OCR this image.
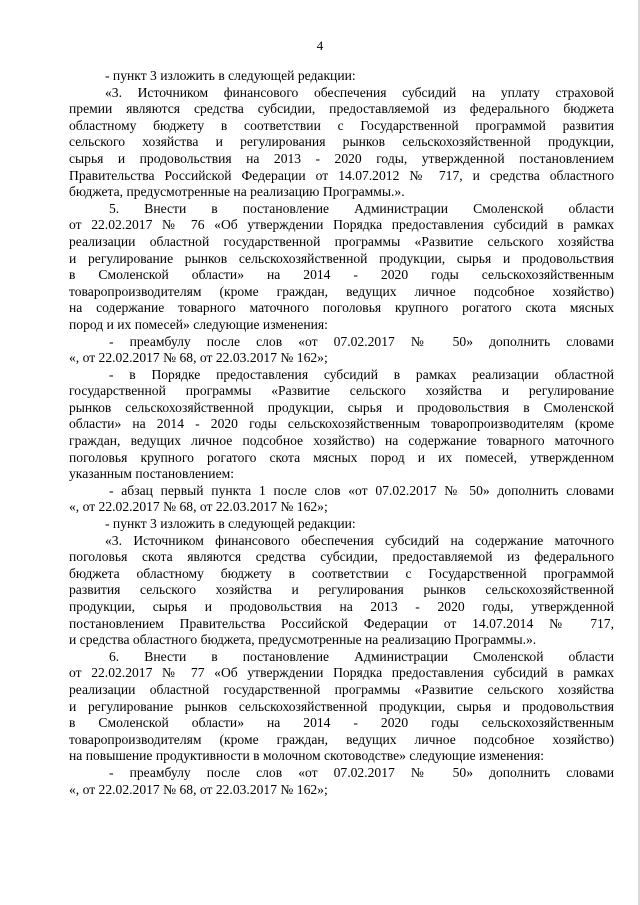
4
- пункт 3 изложить в следующей редакции:
«3. Источником финансового обеспечения субсидий на уплату страховой
премии являются средства субсидии, предоставляемой из федерального бюджета
областному бюджету в соответствии с Государственной программой развития
сельского хозяйства и регулирования рынков сельскохозяйственной продукции,
сырья и продовольствия на 2013 - 2020 годы, утвержденной постановлением
Правительства Российской Федерации от 14.07.2012 № 717, и средства областного
бюджета, предусмотренные на реализацию Программы.».
5. Внести в постановление Администрации Смоленской области
от 22.02.2017 № 76 «Об утверждении Порядка предоставления субсидий в рамках
реализации областной государственной программы «Развитие сельского хозяйства
и регулирование рынков сельскохозяйственной продукции, сырья и продовольствия
в Смоленской области» на 2014 - 2020 годы сельскохозяйственным
товаропроизводителям (кроме граждан, ведущих личное подсобное хозяйство)
на содержание товарного маточного поголовья крупного рогатого скота мясных
пород и их помесей» следующие изменения:
- преамбулу после слов «от 07.02.2017 № 50» дополнить словами
«, от 22.02.2017 № 68, от 22.03.2017 № 162»;
- в Порядке предоставления субсидий в рамках реализации областной
государственной программы «Развитие сельского хозяйства и регулирование
рынков сельскохозяйственной продукции, сырья и продовольствия в Смоленской
области» на 2014 - 2020 годы сельскохозяйственным товаропроизводителям (кроме
граждан, ведущих личное подсобное хозяйство) на содержание товарного маточного
поголовья крупного рогатого скота мясных пород и их помесей, утвержденном
указанным постановлением:
- абзац первый пункта 1 после слов «от 07.02.2017 № 50» дополнить словами
«, от 22.02.2017 № 68, от 22.03.2017 № 162»;
- пункт 3 изложить в следующей редакции:
«3. Источником финансового обеспечения субсидий на содержание маточного
поголовья скота являются средства субсидии, предоставляемой из федерального
бюджета областному бюджету в соответствии с Государственной программой
развития сельского хозяйства и регулирования рынков сельскохозяйственной
продукции, сырья и продовольствия на 2013 - 2020 годы, утвержденной
постановлением Правительства Российской Федерации от 14.07.2014 № 717,
и средства областного бюджета, предусмотренные на реализацию Программы.».
6. Внести в постановление Администрации Смоленской области
от 22.02.2017 № 77 «Об утверждении Порядка предоставления субсидий в рамках
реализации областной государственной программы «Развитие сельского хозяйства
и регулирование рынков сельскохозяйственной продукции, сырья и продовольствия
в Смоленской области» на 2014 - 2020 годы сельскохозяйственным
товаропроизводителям (кроме граждан, ведущих личное подсобное хозяйство)
на повышение продуктивности в молочном скотоводстве» следующие изменения:
- преамбулу после слов «от 07.02.2017 № 50» дополнить словами
«, от 22.02.2017 № 68, от 22.03.2017 № 162»;
